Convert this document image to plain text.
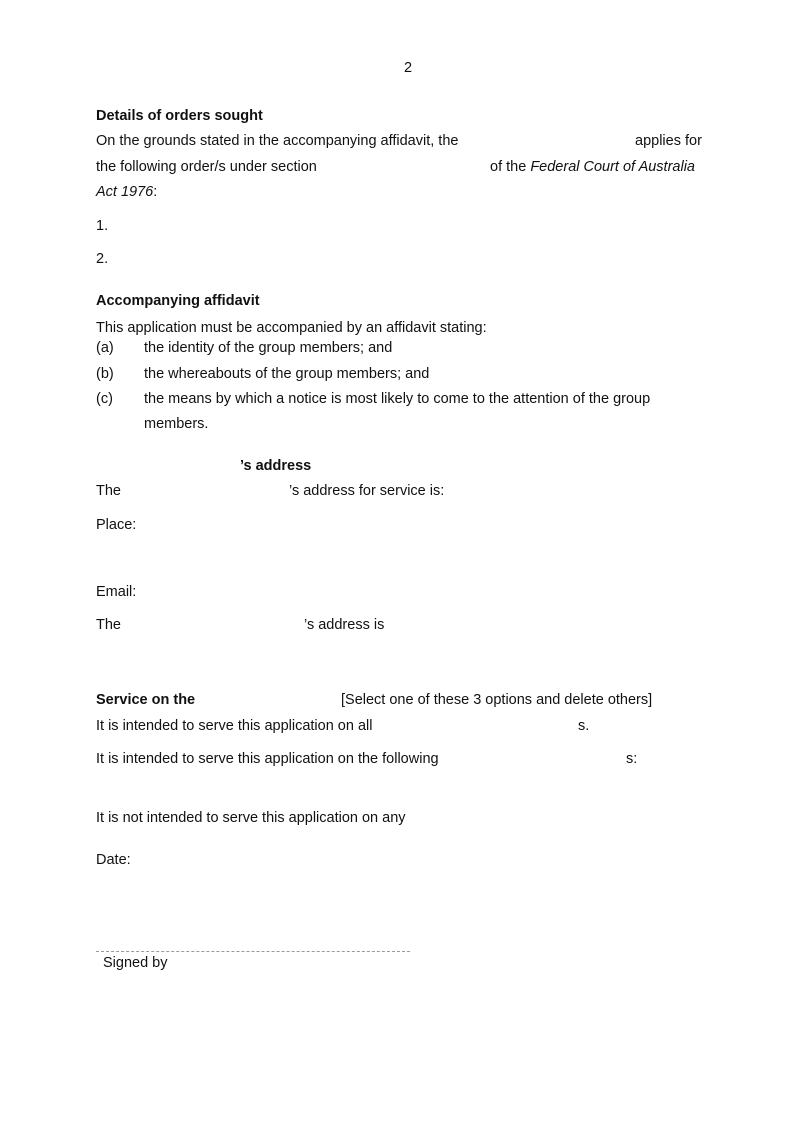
2
Details of orders sought
On the grounds stated in the accompanying affidavit, the	applies for
the following order/s under section	of the Federal Court of Australia
Act 1976:
1.
2.
Accompanying affidavit
This application must be accompanied by an affidavit stating:
(a) the identity of the group members; and
(b) the whereabouts of the group members; and
(c) the means by which a notice is most likely to come to the attention of the group
members.
’s address
The	’s address for service is:
Place:
Email:
The	’s address is
Service on the	[Select one of these 3 options and delete others]
It is intended to serve this application on all	s.
It is intended to serve this application on the following	s:
It is not intended to serve this application on any
Date:
Signed by
